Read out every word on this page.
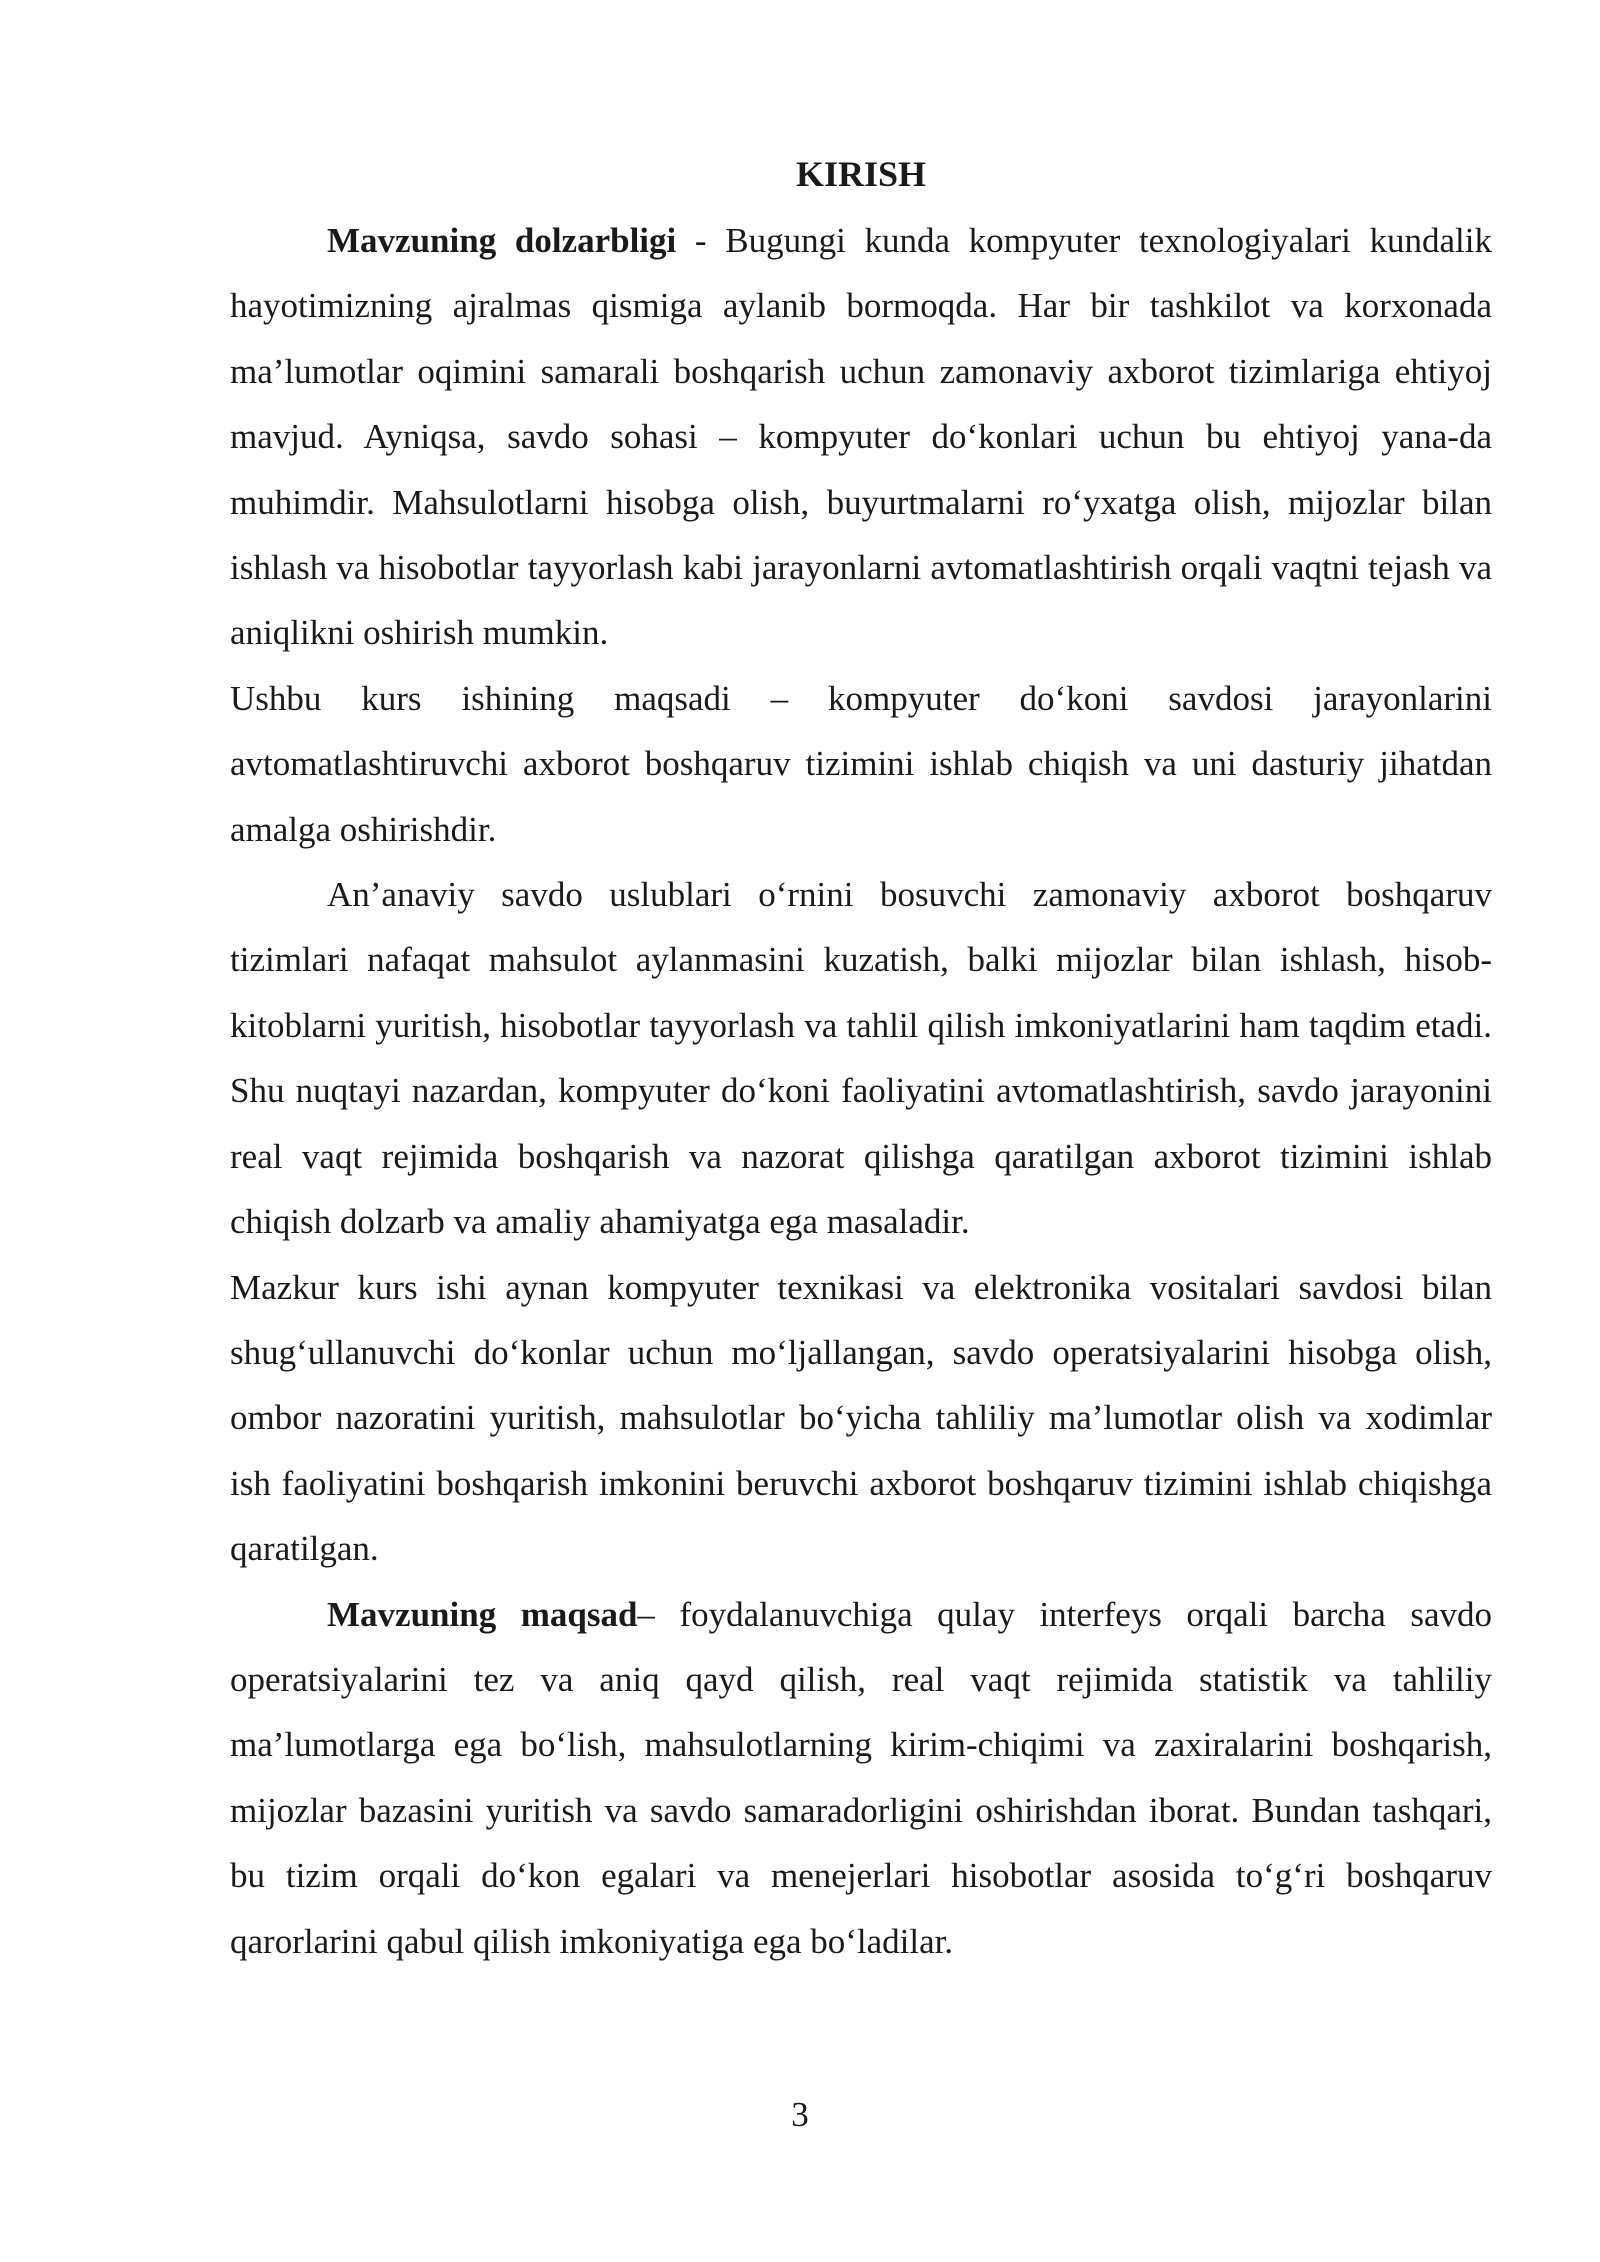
KIRISH

Mavzuning dolzarbligi - Bugungi kunda kompyuter texnologiyalari kundalik hayotimizning ajralmas qismiga aylanib bormoqda. Har bir tashkilot va korxonada ma’lumotlar oqimini samarali boshqarish uchun zamonaviy axborot tizimlariga ehtiyoj mavjud. Ayniqsa, savdo sohasi – kompyuter do‘konlari uchun bu ehtiyoj yana-da muhimdir. Mahsulotlarni hisobga olish, buyurtmalarni ro‘yxatga olish, mijozlar bilan ishlash va hisobotlar tayyorlash kabi jarayonlarni avtomatlashtirish orqali vaqtni tejash va aniqlikni oshirish mumkin.

Ushbu kurs ishining maqsadi – kompyuter do‘koni savdosi jarayonlarini avtomatlashtiruvchi axborot boshqaruv tizimini ishlab chiqish va uni dasturiy jihatdan amalga oshirishdir.

An’anaviy savdo uslublari o‘rnini bosuvchi zamonaviy axborot boshqaruv tizimlari nafaqat mahsulot aylanmasini kuzatish, balki mijozlar bilan ishlash, hisob-kitoblarni yuritish, hisobotlar tayyorlash va tahlil qilish imkoniyatlarini ham taqdim etadi. Shu nuqtayi nazardan, kompyuter do‘koni faoliyatini avtomatlashtirish, savdo jarayonini real vaqt rejimida boshqarish va nazorat qilishga qaratilgan axborot tizimini ishlab chiqish dolzarb va amaliy ahamiyatga ega masaladir.

Mazkur kurs ishi aynan kompyuter texnikasi va elektronika vositalari savdosi bilan shug‘ullanuvchi do‘konlar uchun mo‘ljallangan, savdo operatsiyalarini hisobga olish, ombor nazoratini yuritish, mahsulotlar bo‘yicha tahliliy ma’lumotlar olish va xodimlar ish faoliyatini boshqarish imkonini beruvchi axborot boshqaruv tizimini ishlab chiqishga qaratilgan.

Mavzuning maqsad– foydalanuvchiga qulay interfeys orqali barcha savdo operatsiyalarini tez va aniq qayd qilish, real vaqt rejimida statistik va tahliliy ma’lumotlarga ega bo‘lish, mahsulotlarning kirim-chiqimi va zaxiralarini boshqarish, mijozlar bazasini yuritish va savdo samaradorligini oshirishdan iborat. Bundan tashqari, bu tizim orqali do‘kon egalari va menejerlari hisobotlar asosida to‘g‘ri boshqaruv qarorlarini qabul qilish imkoniyatiga ega bo‘ladilar.

3
